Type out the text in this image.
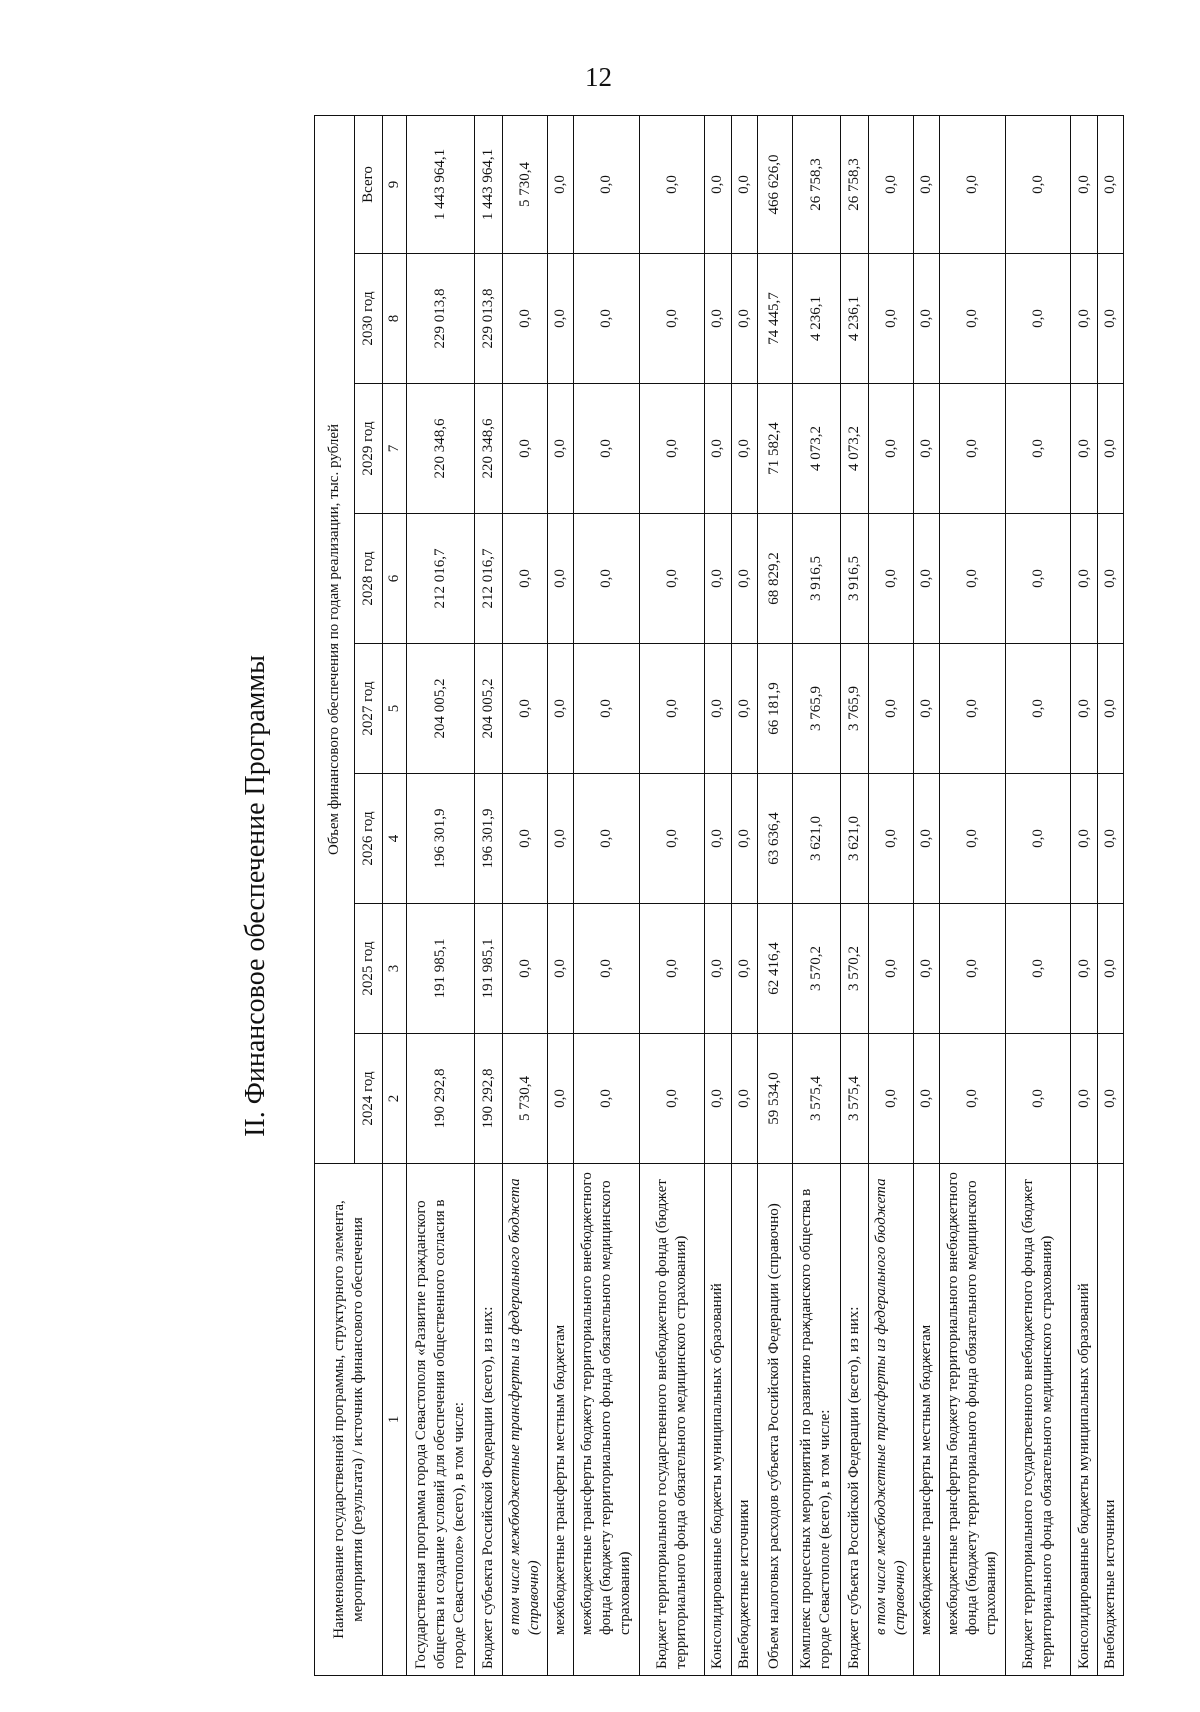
12
II. Финансовое обеспечение Программы
Наименование государственной программы, структурного элемента, мероприятия (результата) / источник финансового обеспечения	Объем финансового обеспечения по годам реализации, тыс. рублей							
	2024 год	2025 год	2026 год	2027 год	2028 год	2029 год	2030 год	Всего
1	2	3	4	5	6	7	8	9
Государственная программа города Севастополя «Развитие гражданского общества и создание условий для обеспечения общественного согласия в городе Севастополе» (всего), в том числе:	190 292,8	191 985,1	196 301,9	204 005,2	212 016,7	220 348,6	229 013,8	1 443 964,1
Бюджет субъекта Российской Федерации (всего), из них:	190 292,8	191 985,1	196 301,9	204 005,2	212 016,7	220 348,6	229 013,8	1 443 964,1
в том числе межбюджетные трансферты из федерального бюджета (справочно)	5 730,4	0,0	0,0	0,0	0,0	0,0	0,0	5 730,4
межбюджетные трансферты местным бюджетам	0,0	0,0	0,0	0,0	0,0	0,0	0,0	0,0
межбюджетные трансферты бюджету территориального внебюджетного фонда (бюджету территориального фонда обязательного медицинского страхования)	0,0	0,0	0,0	0,0	0,0	0,0	0,0	0,0
Бюджет территориального государственного внебюджетного фонда (бюджет территориального фонда обязательного медицинского страхования)	0,0	0,0	0,0	0,0	0,0	0,0	0,0	0,0
Консолидированные бюджеты муниципальных образований	0,0	0,0	0,0	0,0	0,0	0,0	0,0	0,0
Внебюджетные источники	0,0	0,0	0,0	0,0	0,0	0,0	0,0	0,0
Объем налоговых расходов субъекта Российской Федерации (справочно)	59 534,0	62 416,4	63 636,4	66 181,9	68 829,2	71 582,4	74 445,7	466 626,0
Комплекс процессных мероприятий по развитию гражданского общества в городе Севастополе (всего), в том числе:	3 575,4	3 570,2	3 621,0	3 765,9	3 916,5	4 073,2	4 236,1	26 758,3
Бюджет субъекта Российской Федерации (всего), из них:	3 575,4	3 570,2	3 621,0	3 765,9	3 916,5	4 073,2	4 236,1	26 758,3
в том числе межбюджетные трансферты из федерального бюджета (справочно)	0,0	0,0	0,0	0,0	0,0	0,0	0,0	0,0
межбюджетные трансферты местным бюджетам	0,0	0,0	0,0	0,0	0,0	0,0	0,0	0,0
межбюджетные трансферты бюджету территориального внебюджетного фонда (бюджету территориального фонда обязательного медицинского страхования)	0,0	0,0	0,0	0,0	0,0	0,0	0,0	0,0
Бюджет территориального государственного внебюджетного фонда (бюджет территориального фонда обязательного медицинского страхования)	0,0	0,0	0,0	0,0	0,0	0,0	0,0	0,0
Консолидированные бюджеты муниципальных образований	0,0	0,0	0,0	0,0	0,0	0,0	0,0	0,0
Внебюджетные источники	0,0	0,0	0,0	0,0	0,0	0,0	0,0	0,0
